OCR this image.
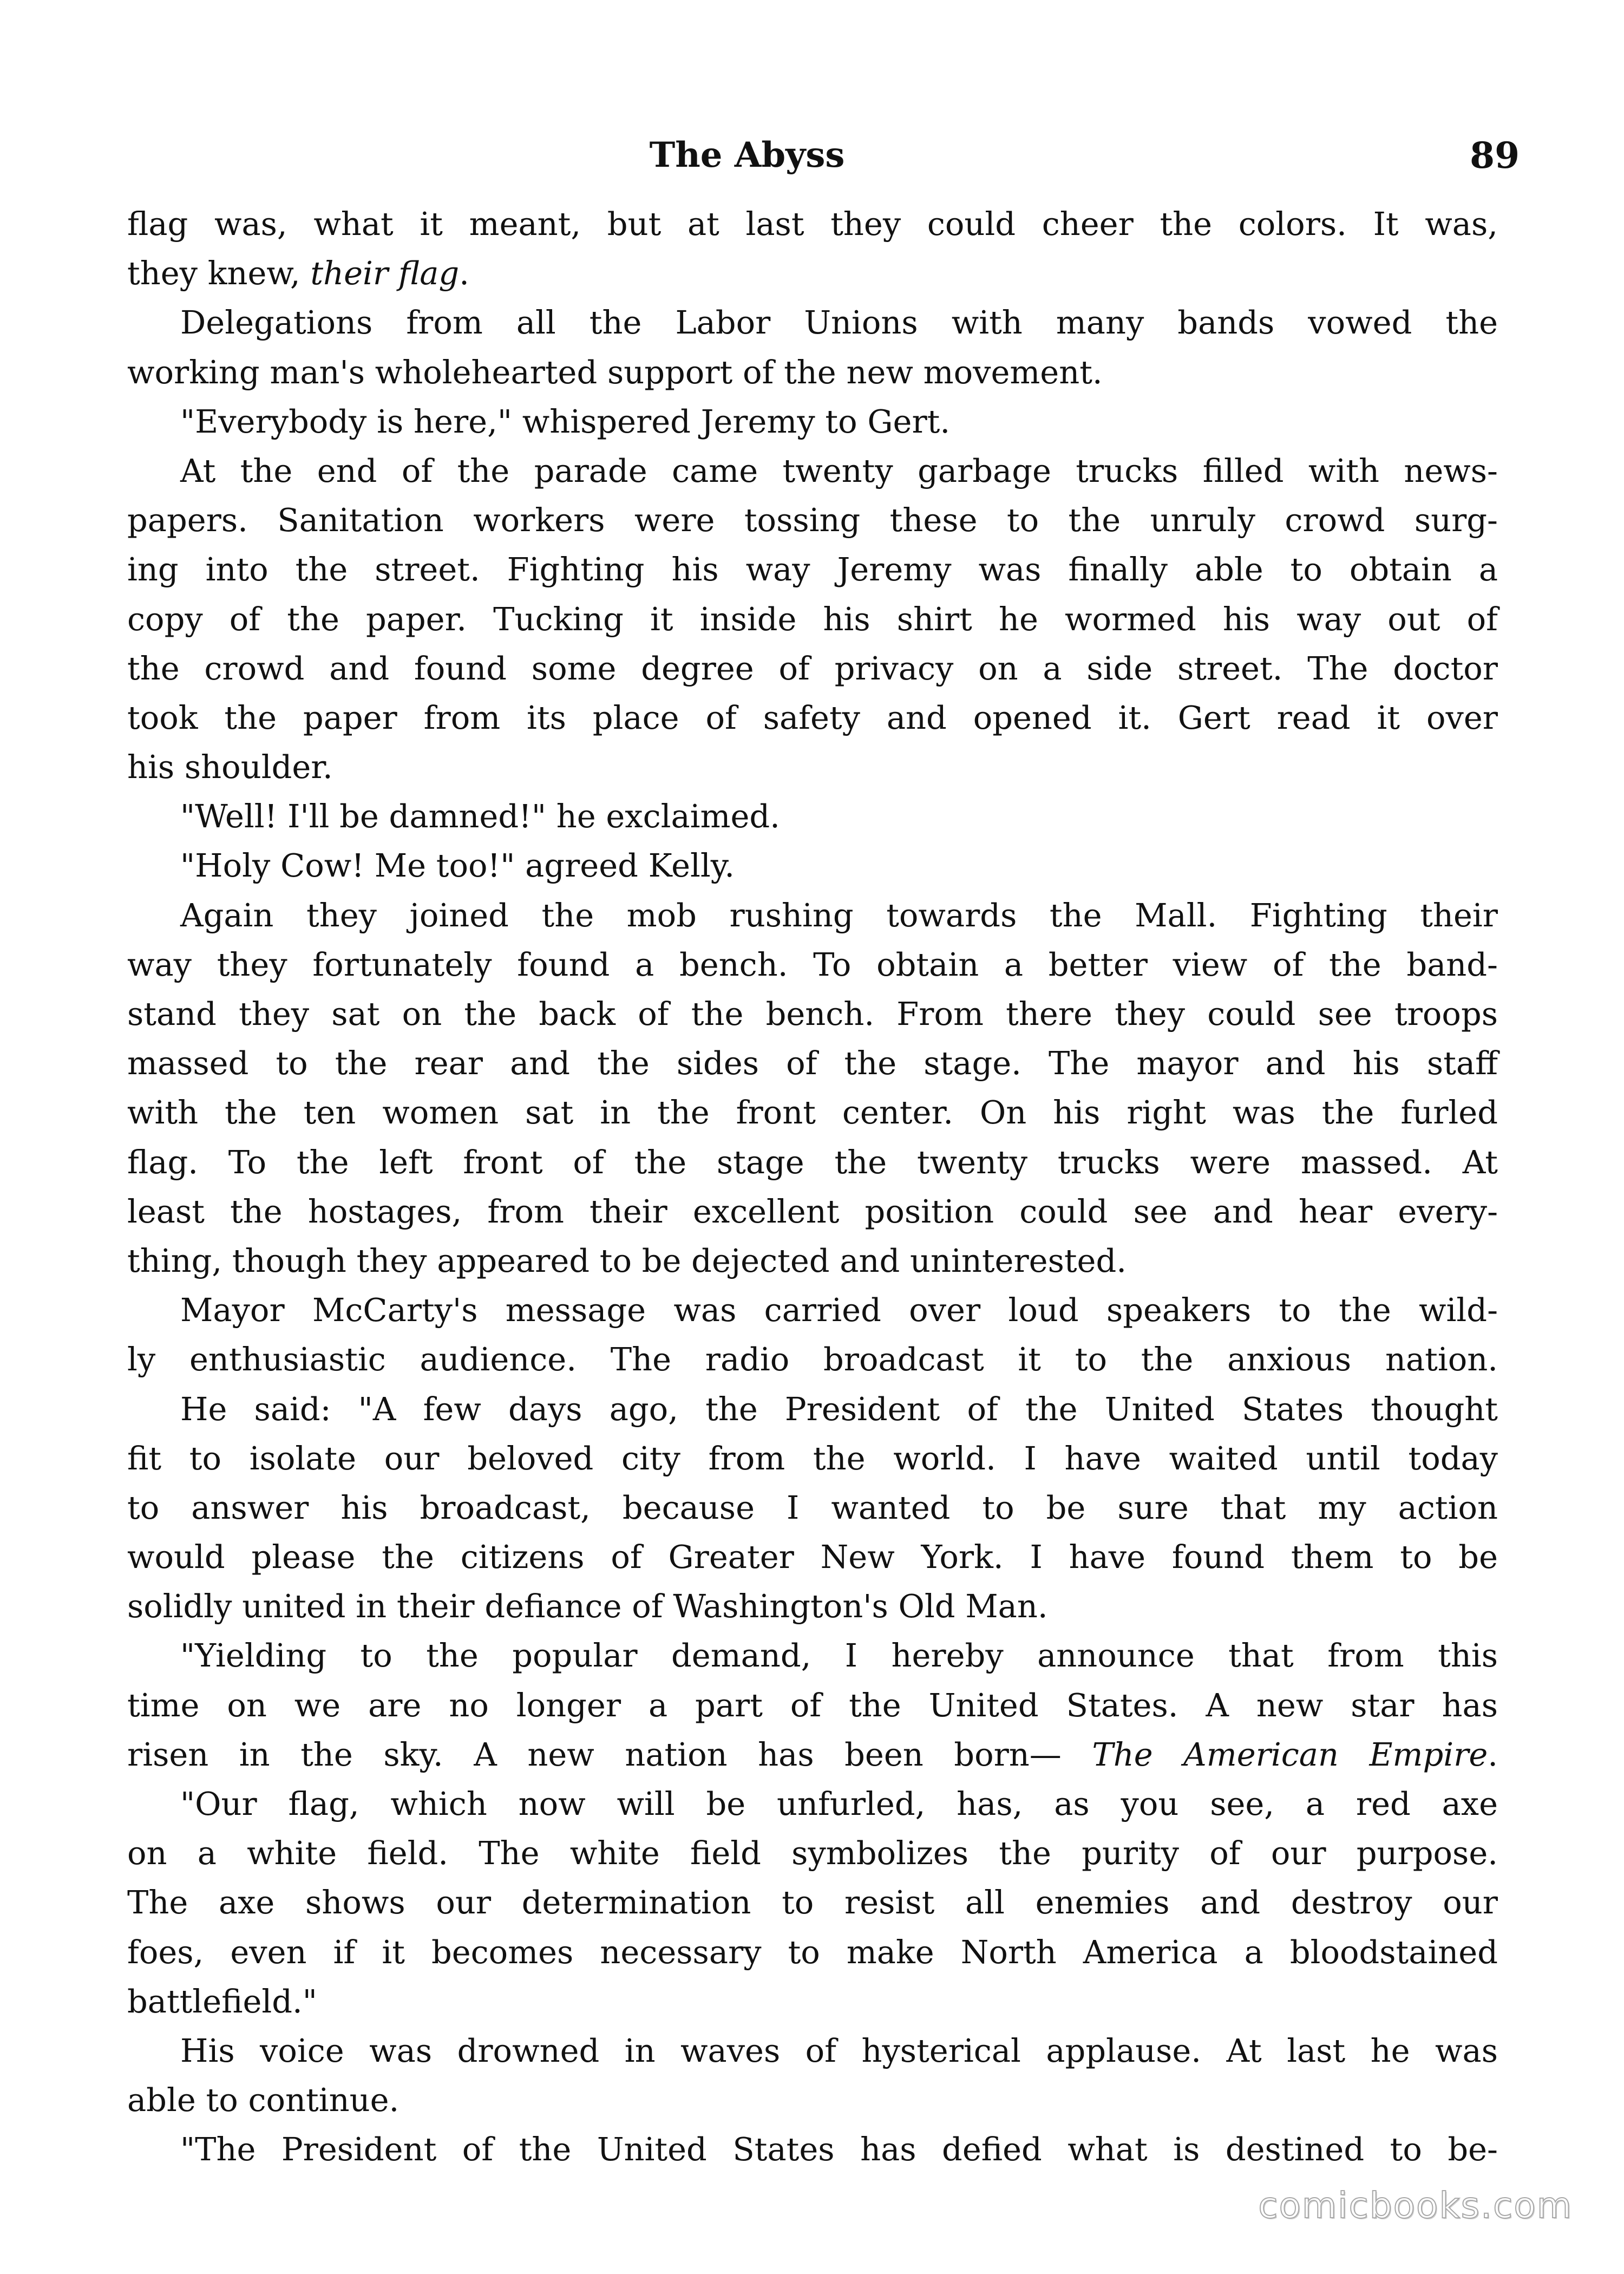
The Abyss	89
flag was, what it meant, but at last they could cheer the colors. It was,
they knew, their flag.
Delegations from all the Labor Unions with many bands vowed the
working man's wholehearted support of the new movement.
"Everybody is here," whispered Jeremy to Gert.
At the end of the parade came twenty garbage trucks filled with news-
papers. Sanitation workers were tossing these to the unruly crowd surg-
ing into the street. Fighting his way Jeremy was finally able to obtain a
copy of the paper. Tucking it inside his shirt he wormed his way out of
the crowd and found some degree of privacy on a side street. The doctor
took the paper from its place of safety and opened it. Gert read it over
his shoulder.
"Well! I'll be damned!" he exclaimed.
"Holy Cow! Me too!" agreed Kelly.
Again they joined the mob rushing towards the Mall. Fighting their
way they fortunately found a bench. To obtain a better view of the band-
stand they sat on the back of the bench. From there they could see troops
massed to the rear and the sides of the stage. The mayor and his staff
with the ten women sat in the front center. On his right was the furled
flag. To the left front of the stage the twenty trucks were massed. At
least the hostages, from their excellent position could see and hear every-
thing, though they appeared to be dejected and uninterested.
Mayor McCarty's message was carried over loud speakers to the wild-
ly enthusiastic audience. The radio broadcast it to the anxious nation.
He said: "A few days ago, the President of the United States thought
fit to isolate our beloved city from the world. I have waited until today
to answer his broadcast, because I wanted to be sure that my action
would please the citizens of Greater New York. I have found them to be
solidly united in their defiance of Washington's Old Man.
"Yielding to the popular demand, I hereby announce that from this
time on we are no longer a part of the United States. A new star has
risen in the sky. A new nation has been born— The American Empire.
"Our flag, which now will be unfurled, has, as you see, a red axe
on a white field. The white field symbolizes the purity of our purpose.
The axe shows our determination to resist all enemies and destroy our
foes, even if it becomes necessary to make North America a bloodstained
battlefield."
His voice was drowned in waves of hysterical applause. At last he was
able to continue.
"The President of the United States has defied what is destined to be-
comicbooks.com
